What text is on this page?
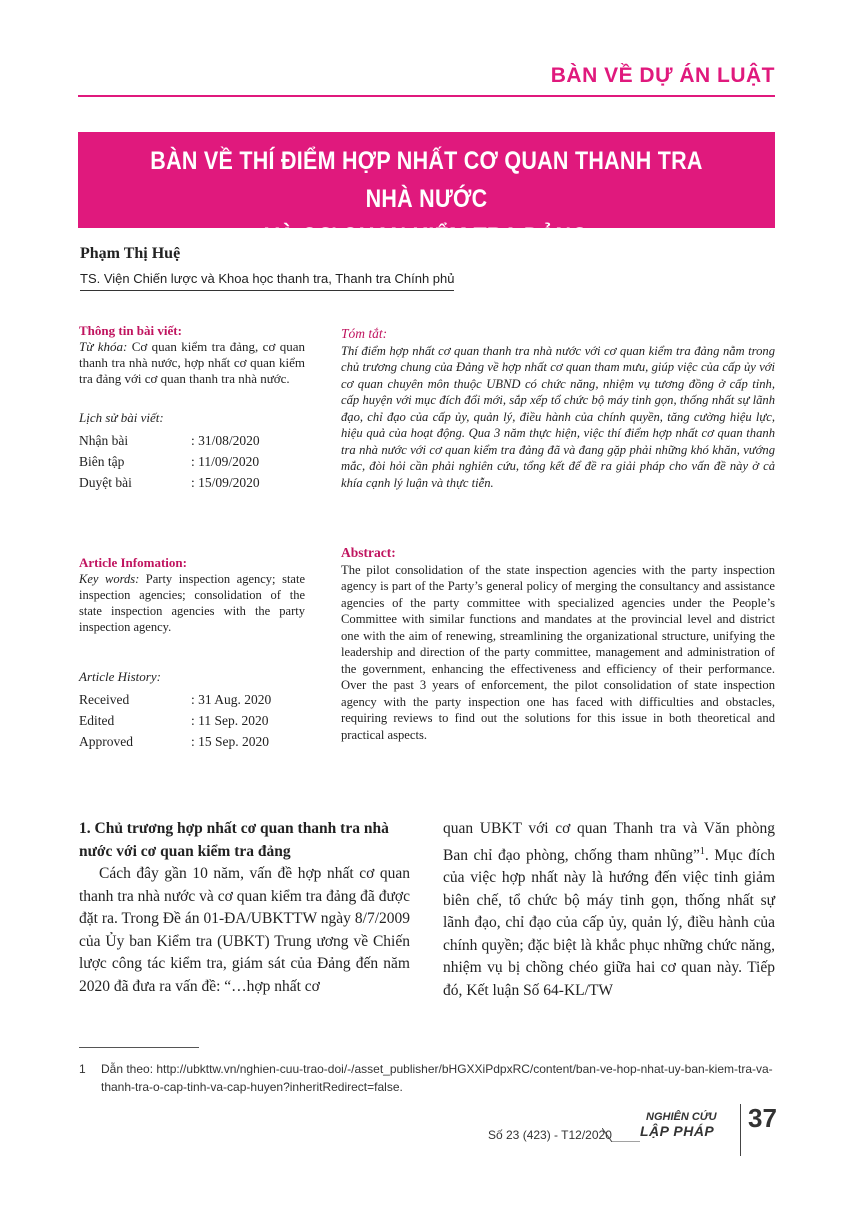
BÀN VỀ DỰ ÁN LUẬT
BÀN VỀ THÍ ĐIỂM HỢP NHẤT CƠ QUAN THANH TRA NHÀ NƯỚC
VÀ CƠ QUAN KIỂM TRA ĐẢNG
Phạm Thị Huệ
TS. Viện Chiến lược và Khoa học thanh tra, Thanh tra Chính phủ
Thông tin bài viết:
Từ khóa: Cơ quan kiểm tra đảng, cơ quan thanh tra nhà nước, hợp nhất cơ quan kiểm tra đảng với cơ quan thanh tra nhà nước.
Lịch sử bài viết:
Nhận bài	: 31/08/2020
Biên tập	: 11/09/2020
Duyệt bài	: 15/09/2020
Article Infomation:
Key words: Party inspection agency; state inspection agencies; consolidation of the state inspection agencies with the party inspection agency.
Article History:
Received	: 31 Aug. 2020
Edited	: 11 Sep. 2020
Approved	: 15 Sep. 2020
Tóm tắt:
Thí điểm hợp nhất cơ quan thanh tra nhà nước với cơ quan kiểm tra đảng nằm trong chủ trương chung của Đảng về hợp nhất cơ quan tham mưu, giúp việc của cấp ủy với cơ quan chuyên môn thuộc UBND có chức năng, nhiệm vụ tương đồng ở cấp tỉnh, cấp huyện với mục đích đổi mới, sắp xếp tổ chức bộ máy tinh gọn, thống nhất sự lãnh đạo, chỉ đạo của cấp ủy, quản lý, điều hành của chính quyền, tăng cường hiệu lực, hiệu quả của hoạt động. Qua 3 năm thực hiện, việc thí điểm hợp nhất cơ quan thanh tra nhà nước với cơ quan kiểm tra đảng đã và đang gặp phải những khó khăn, vướng mắc, đòi hỏi cần phải nghiên cứu, tổng kết để đề ra giải pháp cho vấn đề này ở cả khía cạnh lý luận và thực tiễn.
Abstract:
The pilot consolidation of the state inspection agencies with the party inspection agency is part of the Party’s general policy of merging the consultancy and assistance agencies of the party committee with specialized agencies under the People’s Committee with similar functions and mandates at the provincial level and district one with the aim of renewing, streamlining the organizational structure, unifying the leadership and direction of the party committee, management and administration of the government, enhancing the effectiveness and efficiency of their performance. Over the past 3 years of enforcement, the pilot consolidation of state inspection agency with the party inspection one has faced with difficulties and obstacles, requiring reviews to find out the solutions for this issue in both theoretical and practical aspects.
1. Chủ trương hợp nhất cơ quan thanh tra nhà nước với cơ quan kiểm tra đảng
Cách đây gần 10 năm, vấn đề hợp nhất cơ quan thanh tra nhà nước và cơ quan kiểm tra đảng đã được đặt ra. Trong Đề án 01-ĐA/UBKTTW ngày 8/7/2009 của Ủy ban Kiểm tra (UBKT) Trung ương về Chiến lược công tác kiểm tra, giám sát của Đảng đến năm 2020 đã đưa ra vấn đề: “…hợp nhất cơ
quan UBKT với cơ quan Thanh tra và Văn phòng Ban chỉ đạo phòng, chống tham nhũng”$^1$. Mục đích của việc hợp nhất này là hướng đến việc tinh giảm biên chế, tổ chức bộ máy tinh gọn, thống nhất sự lãnh đạo, chỉ đạo của cấp ủy, quản lý, điều hành của chính quyền; đặc biệt là khắc phục những chức năng, nhiệm vụ bị chồng chéo giữa hai cơ quan này. Tiếp đó, Kết luận Số 64-KL/TW
1 Dẫn theo: http://ubkttw.vn/nghien-cuu-trao-doi/-/asset_publisher/bHGXXiPdpxRC/content/ban-ve-hop-nhat-uy-ban-kiem-tra-va-thanh-tra-o-cap-tinh-va-cap-huyen?inheritRedirect=false.
Số 23 (423) - T12/2020
NGHIÊN CỨU
LẬP PHÁP 37
